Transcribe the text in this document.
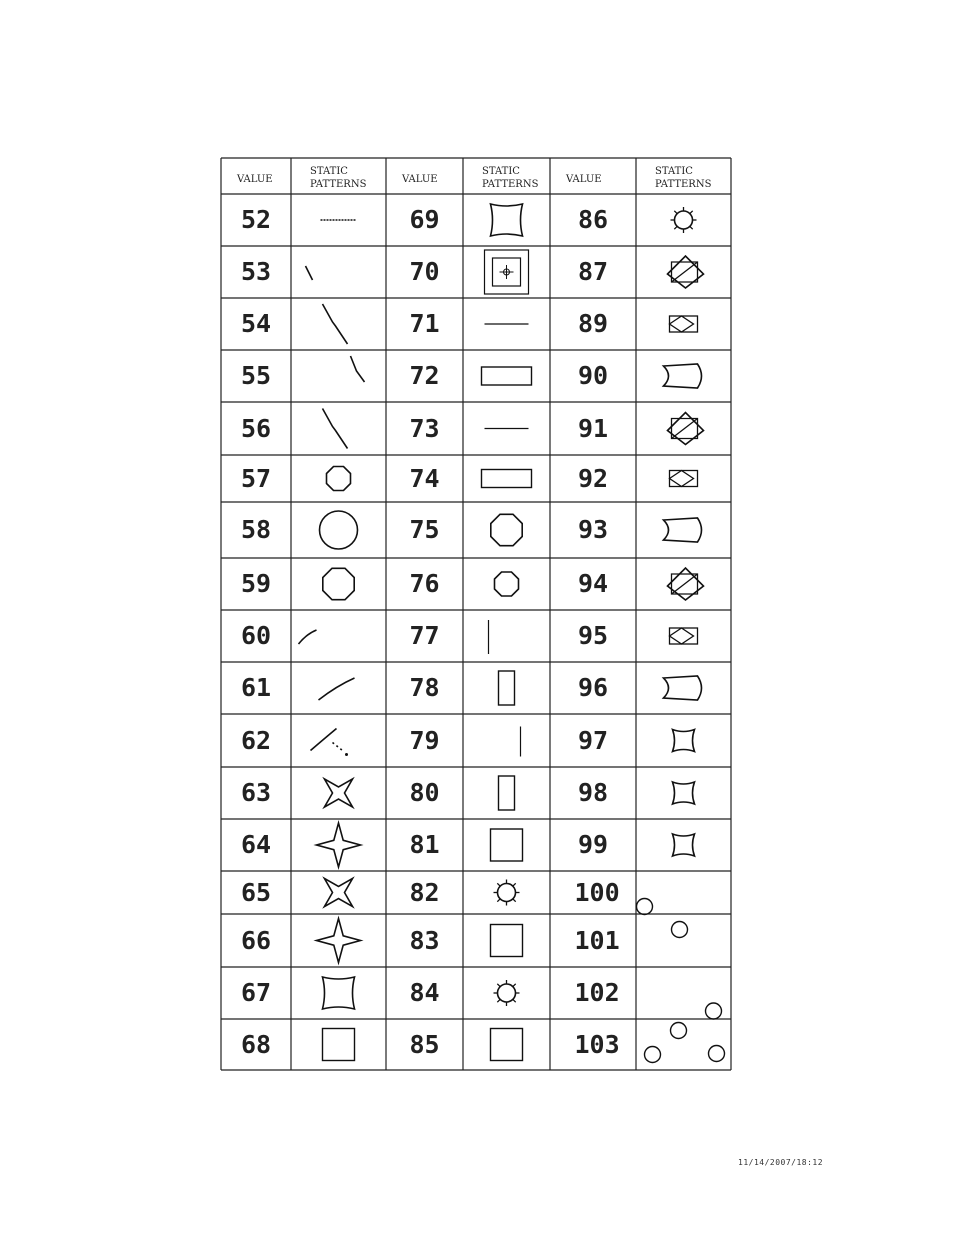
VALUE
STATIC
PATTERNS	VALUE
STATIC
PATTERNS	VALUE
STATIC
PATTERNS
52
53
54
55
56
57
58
59
60
61
62
63
64
65
66
67
68
69
70
71
72
73
74
75
76
77
78
79
80
81
82
83
84
85
86
87
89
90
91
92
93
94
95
96
97
98
99
100
101
102
103
11/14/2007/18:12
